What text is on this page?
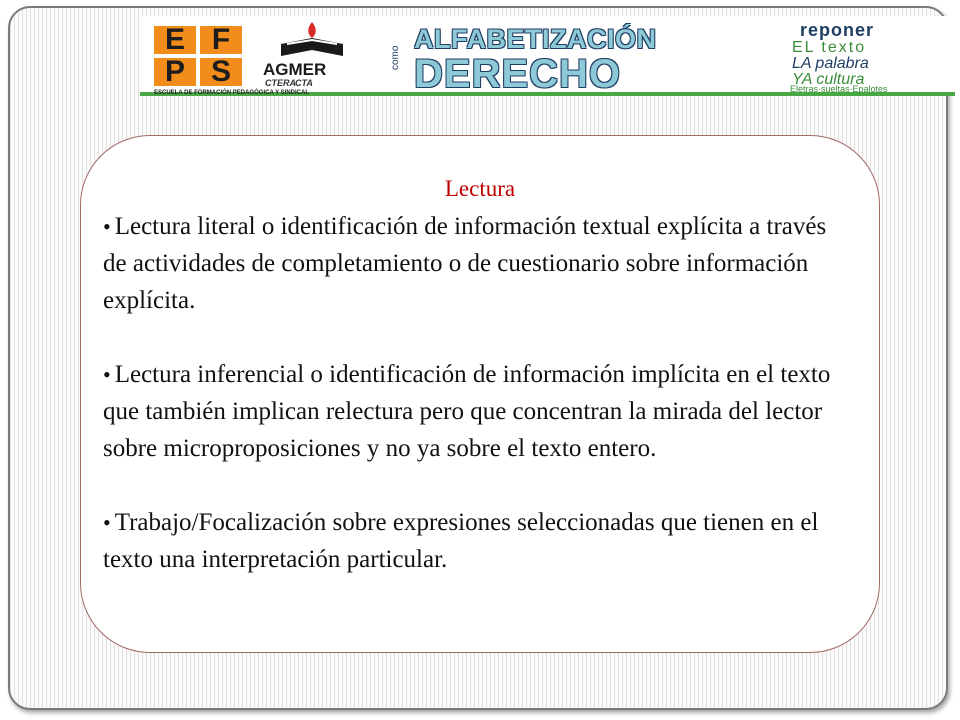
E F
P S
ESCUELA DE FORMACIÓN PEDAGÓGICA Y SINDICAL
AGMER
CTERA CTA
ALFABETIZACIÓN
como DERECHO
reponer
EL texto
LA palabra
YA cultura
Eletras·sueltas·Epalotes
Lectura

• Lectura literal o identificación de información textual explícita a través de actividades de completamiento o de cuestionario sobre información explícita.

• Lectura inferencial o identificación de información implícita en el texto que también implican relectura pero que concentran la mirada del lector sobre microproposiciones y no ya sobre el texto entero.

• Trabajo/Focalización sobre expresiones seleccionadas que tienen en el texto una interpretación particular.
